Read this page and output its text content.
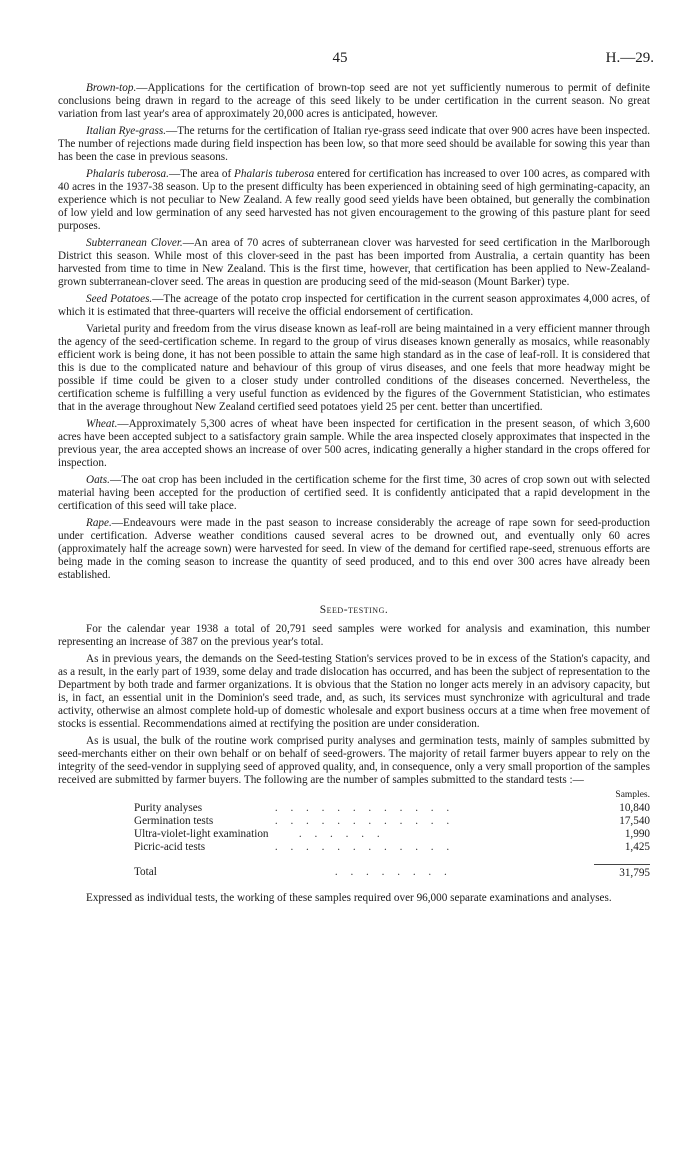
45	H.—29.

Brown-top.—Applications for the certification of brown-top seed are not yet sufficiently numerous to permit of definite conclusions being drawn in regard to the acreage of this seed likely to be under certification in the current season. No great variation from last year's area of approximately 20,000 acres is anticipated, however.

Italian Rye-grass.—The returns for the certification of Italian rye-grass seed indicate that over 900 acres have been inspected. The number of rejections made during field inspection has been low, so that more seed should be available for sowing this year than has been the case in previous seasons.

Phalaris tuberosa.—The area of Phalaris tuberosa entered for certification has increased to over 100 acres, as compared with 40 acres in the 1937-38 season. Up to the present difficulty has been experienced in obtaining seed of high germinating-capacity, an experience which is not peculiar to New Zealand. A few really good seed yields have been obtained, but generally the combination of low yield and low germination of any seed harvested has not given encouragement to the growing of this pasture plant for seed purposes.

Subterranean Clover.—An area of 70 acres of subterranean clover was harvested for seed certification in the Marlborough District this season. While most of this clover-seed in the past has been imported from Australia, a certain quantity has been harvested from time to time in New Zealand. This is the first time, however, that certification has been applied to New-Zealand-grown subterranean-clover seed. The areas in question are producing seed of the mid-season (Mount Barker) type.

Seed Potatoes.—The acreage of the potato crop inspected for certification in the current season approximates 4,000 acres, of which it is estimated that three-quarters will receive the official endorsement of certification.

Varietal purity and freedom from the virus disease known as leaf-roll are being maintained in a very efficient manner through the agency of the seed-certification scheme. In regard to the group of virus diseases known generally as mosaics, while reasonably efficient work is being done, it has not been possible to attain the same high standard as in the case of leaf-roll. It is considered that this is due to the complicated nature and behaviour of this group of virus diseases, and one feels that more headway might be possible if time could be given to a closer study under controlled conditions of the diseases concerned. Nevertheless, the certification scheme is fulfilling a very useful function as evidenced by the figures of the Government Statistician, who estimates that in the average throughout New Zealand certified seed potatoes yield 25 per cent. better than uncertified.

Wheat.—Approximately 5,300 acres of wheat have been inspected for certification in the present season, of which 3,600 acres have been accepted subject to a satisfactory grain sample. While the area inspected closely approximates that inspected in the previous year, the area accepted shows an increase of over 500 acres, indicating generally a higher standard in the crops offered for inspection.

Oats.—The oat crop has been included in the certification scheme for the first time, 30 acres of crop sown out with selected material having been accepted for the production of certified seed. It is confidently anticipated that a rapid development in the certification of this seed will take place.

Rape.—Endeavours were made in the past season to increase considerably the acreage of rape sown for seed-production under certification. Adverse weather conditions caused several acres to be drowned out, and eventually only 60 acres (approximately half the acreage sown) were harvested for seed. In view of the demand for certified rape-seed, strenuous efforts are being made in the coming season to increase the quantity of seed produced, and to this end over 300 acres have already been established.

Seed-testing.

For the calendar year 1938 a total of 20,791 seed samples were worked for analysis and examination, this number representing an increase of 387 on the previous year's total.

As in previous years, the demands on the Seed-testing Station's services proved to be in excess of the Station's capacity, and as a result, in the early part of 1939, some delay and trade dislocation has occurred, and has been the subject of representation to the Department by both trade and farmer organizations. It is obvious that the Station no longer acts merely in an advisory capacity, but is, in fact, an essential unit in the Dominion's seed trade, and, as such, its services must synchronize with agricultural and trade activity, otherwise an almost complete hold-up of domestic wholesale and export business occurs at a time when free movement of stocks is essential. Recommendations aimed at rectifying the position are under consideration.

As is usual, the bulk of the routine work comprised purity analyses and germination tests, mainly of samples submitted by seed-merchants either on their own behalf or on behalf of seed-growers. The majority of retail farmer buyers appear to rely on the integrity of the seed-vendor in supplying seed of approved quality, and, in consequence, only a very small proportion of the samples received are submitted by farmer buyers. The following are the number of samples submitted to the standard tests :—

		Samples.
Purity analyses	. . . . . . . . . . . .	10,840
Germination tests	. . . . . . . . . . . .	17,540
Ultra-violet-light examination	. . . . . .	1,990
Picric-acid tests	. . . . . . . . . . . .	1,425
Total	. . . . . . . .	31,795

Expressed as individual tests, the working of these samples required over 96,000 separate examinations and analyses.
